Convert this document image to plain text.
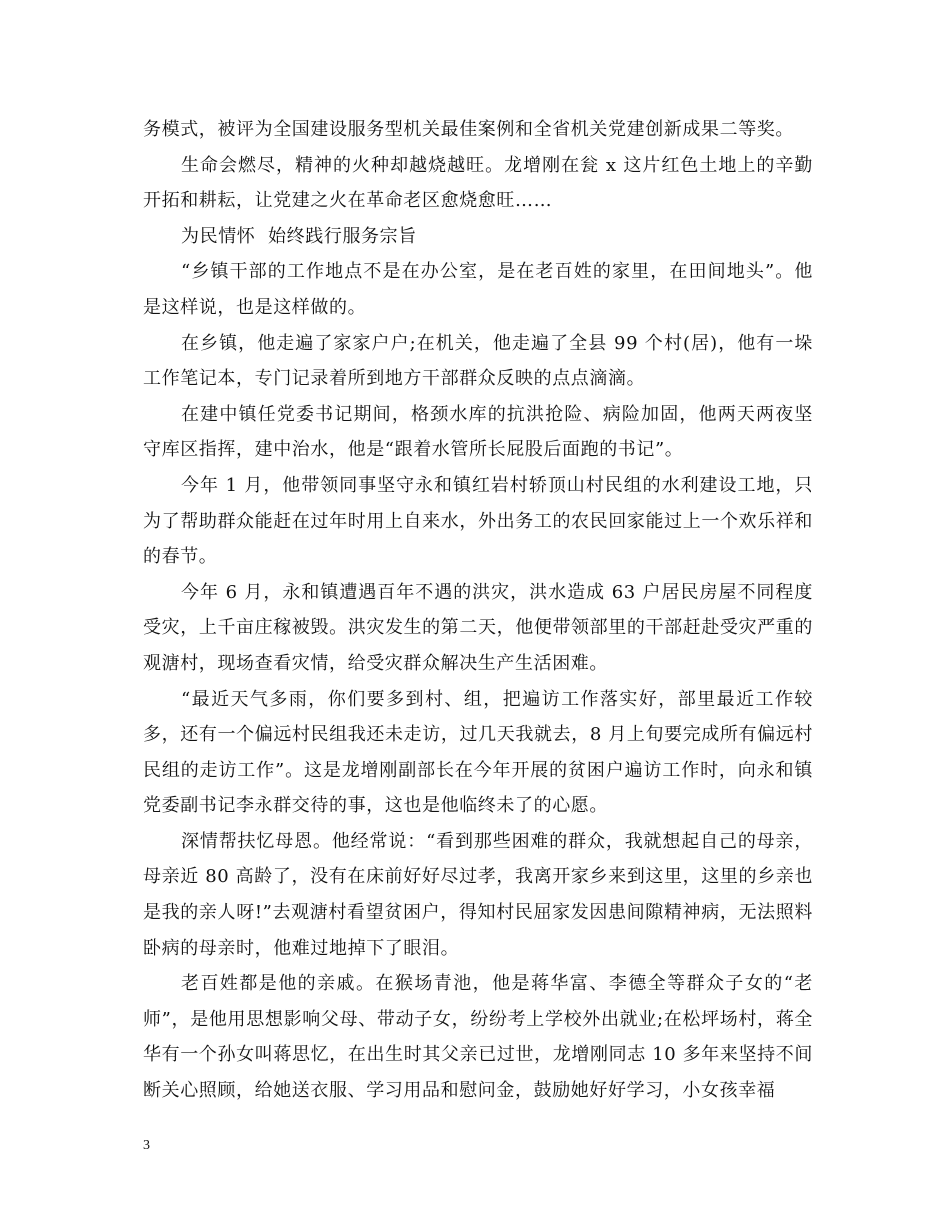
务模式，被评为全国建设服务型机关最佳案例和全省机关党建创新成果二等奖。

生命会燃尽，精神的火种却越烧越旺。龙增刚在瓮 x 这片红色土地上的辛勤开拓和耕耘，让党建之火在革命老区愈烧愈旺……

为民情怀  始终践行服务宗旨

“乡镇干部的工作地点不是在办公室，是在老百姓的家里，在田间地头”。他是这样说，也是这样做的。

在乡镇，他走遍了家家户户;在机关，他走遍了全县 99 个村(居)，他有一垛工作笔记本，专门记录着所到地方干部群众反映的点点滴滴。

在建中镇任党委书记期间，格颈水库的抗洪抢险、病险加固，他两天两夜坚守库区指挥，建中治水，他是“跟着水管所长屁股后面跑的书记”。

今年 1 月，他带领同事坚守永和镇红岩村轿顶山村民组的水利建设工地，只为了帮助群众能赶在过年时用上自来水，外出务工的农民回家能过上一个欢乐祥和的春节。

今年 6 月，永和镇遭遇百年不遇的洪灾，洪水造成 63 户居民房屋不同程度受灾，上千亩庄稼被毁。洪灾发生的第二天，他便带领部里的干部赶赴受灾严重的观溏村，现场查看灾情，给受灾群众解决生产生活困难。

“最近天气多雨，你们要多到村、组，把遍访工作落实好，部里最近工作较多，还有一个偏远村民组我还未走访，过几天我就去，8 月上旬要完成所有偏远村民组的走访工作”。这是龙增刚副部长在今年开展的贫困户遍访工作时，向永和镇党委副书记李永群交待的事，这也是他临终未了的心愿。

深情帮扶忆母恩。他经常说：“看到那些困难的群众，我就想起自己的母亲，母亲近 80 高龄了，没有在床前好好尽过孝，我离开家乡来到这里，这里的乡亲也是我的亲人呀!”去观溏村看望贫困户，得知村民屈家发因患间隙精神病，无法照料卧病的母亲时，他难过地掉下了眼泪。

老百姓都是他的亲戚。在猴场青池，他是蒋华富、李德全等群众子女的“老师”，是他用思想影响父母、带动子女，纷纷考上学校外出就业;在松坪场村，蒋全华有一个孙女叫蒋思忆，在出生时其父亲已过世，龙增刚同志 10 多年来坚持不间断关心照顾，给她送衣服、学习用品和慰问金，鼓励她好好学习，小女孩幸福

3
